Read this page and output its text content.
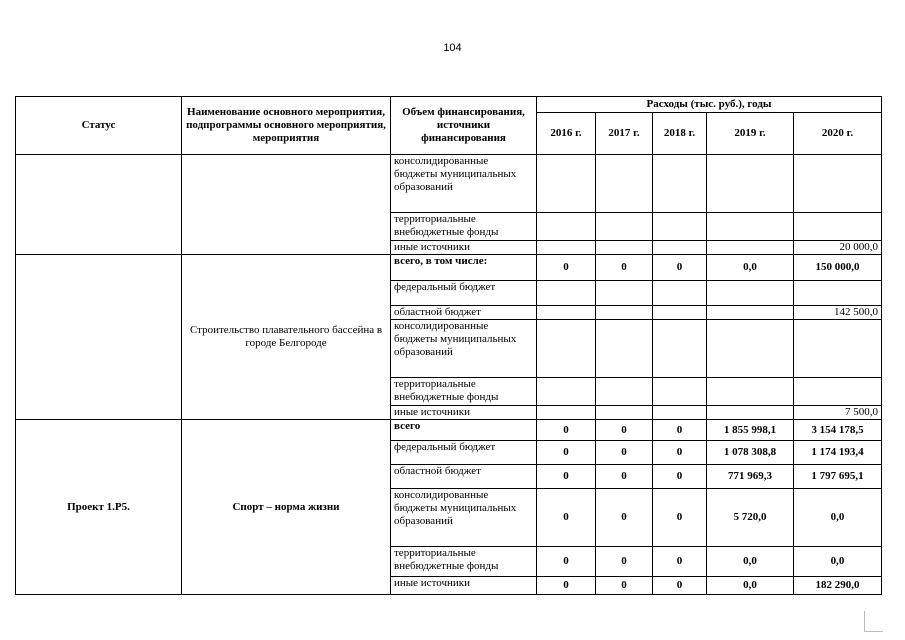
104
Статус	Наименование основного мероприятия, подпрограммы основного мероприятия, мероприятия	Объем финансирования, источники финансирования	Расходы (тыс. руб.), годы				
			2016 г.	2017 г.	2018 г.	2019 г.	2020 г.
		консолидированные бюджеты муниципальных образований					
		территориальные внебюджетные фонды					
		иные источники					20 000,0
	Строительство плавательного бассейна в городе Белгороде	всего, в том числе:	0	0	0	0,0	150 000,0
		федеральный бюджет					
		областной бюджет					142 500,0
		консолидированные бюджеты муниципальных образований					
		территориальные внебюджетные фонды					
		иные источники					7 500,0
Проект 1.Р5.	Спорт – норма жизни	всего	0	0	0	1 855 998,1	3 154 178,5
		федеральный бюджет	0	0	0	1 078 308,8	1 174 193,4
		областной бюджет	0	0	0	771 969,3	1 797 695,1
		консолидированные бюджеты муниципальных образований	0	0	0	5 720,0	0,0
		территориальные внебюджетные фонды	0	0	0	0,0	0,0
		иные источники	0	0	0	0,0	182 290,0
